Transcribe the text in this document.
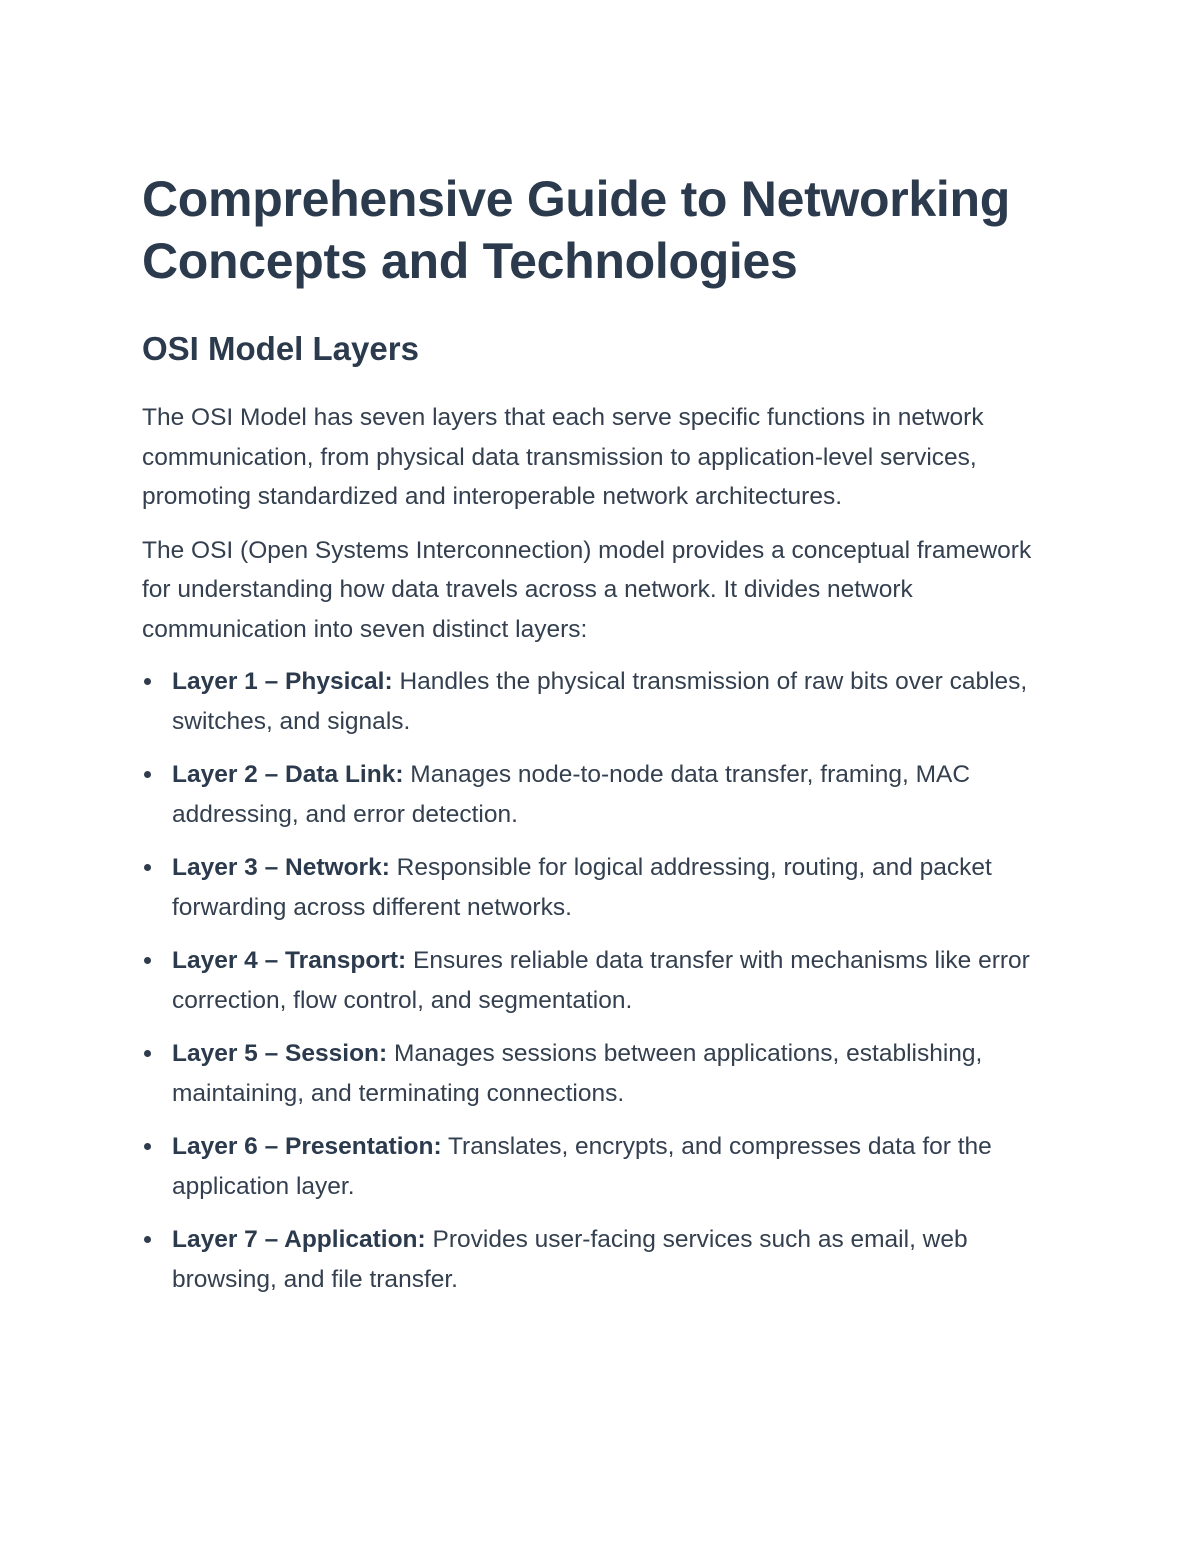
Comprehensive Guide to Networking Concepts and Technologies
OSI Model Layers

The OSI Model has seven layers that each serve specific functions in network communication, from physical data transmission to application-level services, promoting standardized and interoperable network architectures.

The OSI (Open Systems Interconnection) model provides a conceptual framework for understanding how data travels across a network. It divides network communication into seven distinct layers:

Layer 1 – Physical: Handles the physical transmission of raw bits over cables, switches, and signals.
Layer 2 – Data Link: Manages node-to-node data transfer, framing, MAC addressing, and error detection.
Layer 3 – Network: Responsible for logical addressing, routing, and packet forwarding across different networks.
Layer 4 – Transport: Ensures reliable data transfer with mechanisms like error correction, flow control, and segmentation.
Layer 5 – Session: Manages sessions between applications, establishing, maintaining, and terminating connections.
Layer 6 – Presentation: Translates, encrypts, and compresses data for the application layer.
Layer 7 – Application: Provides user-facing services such as email, web browsing, and file transfer.
